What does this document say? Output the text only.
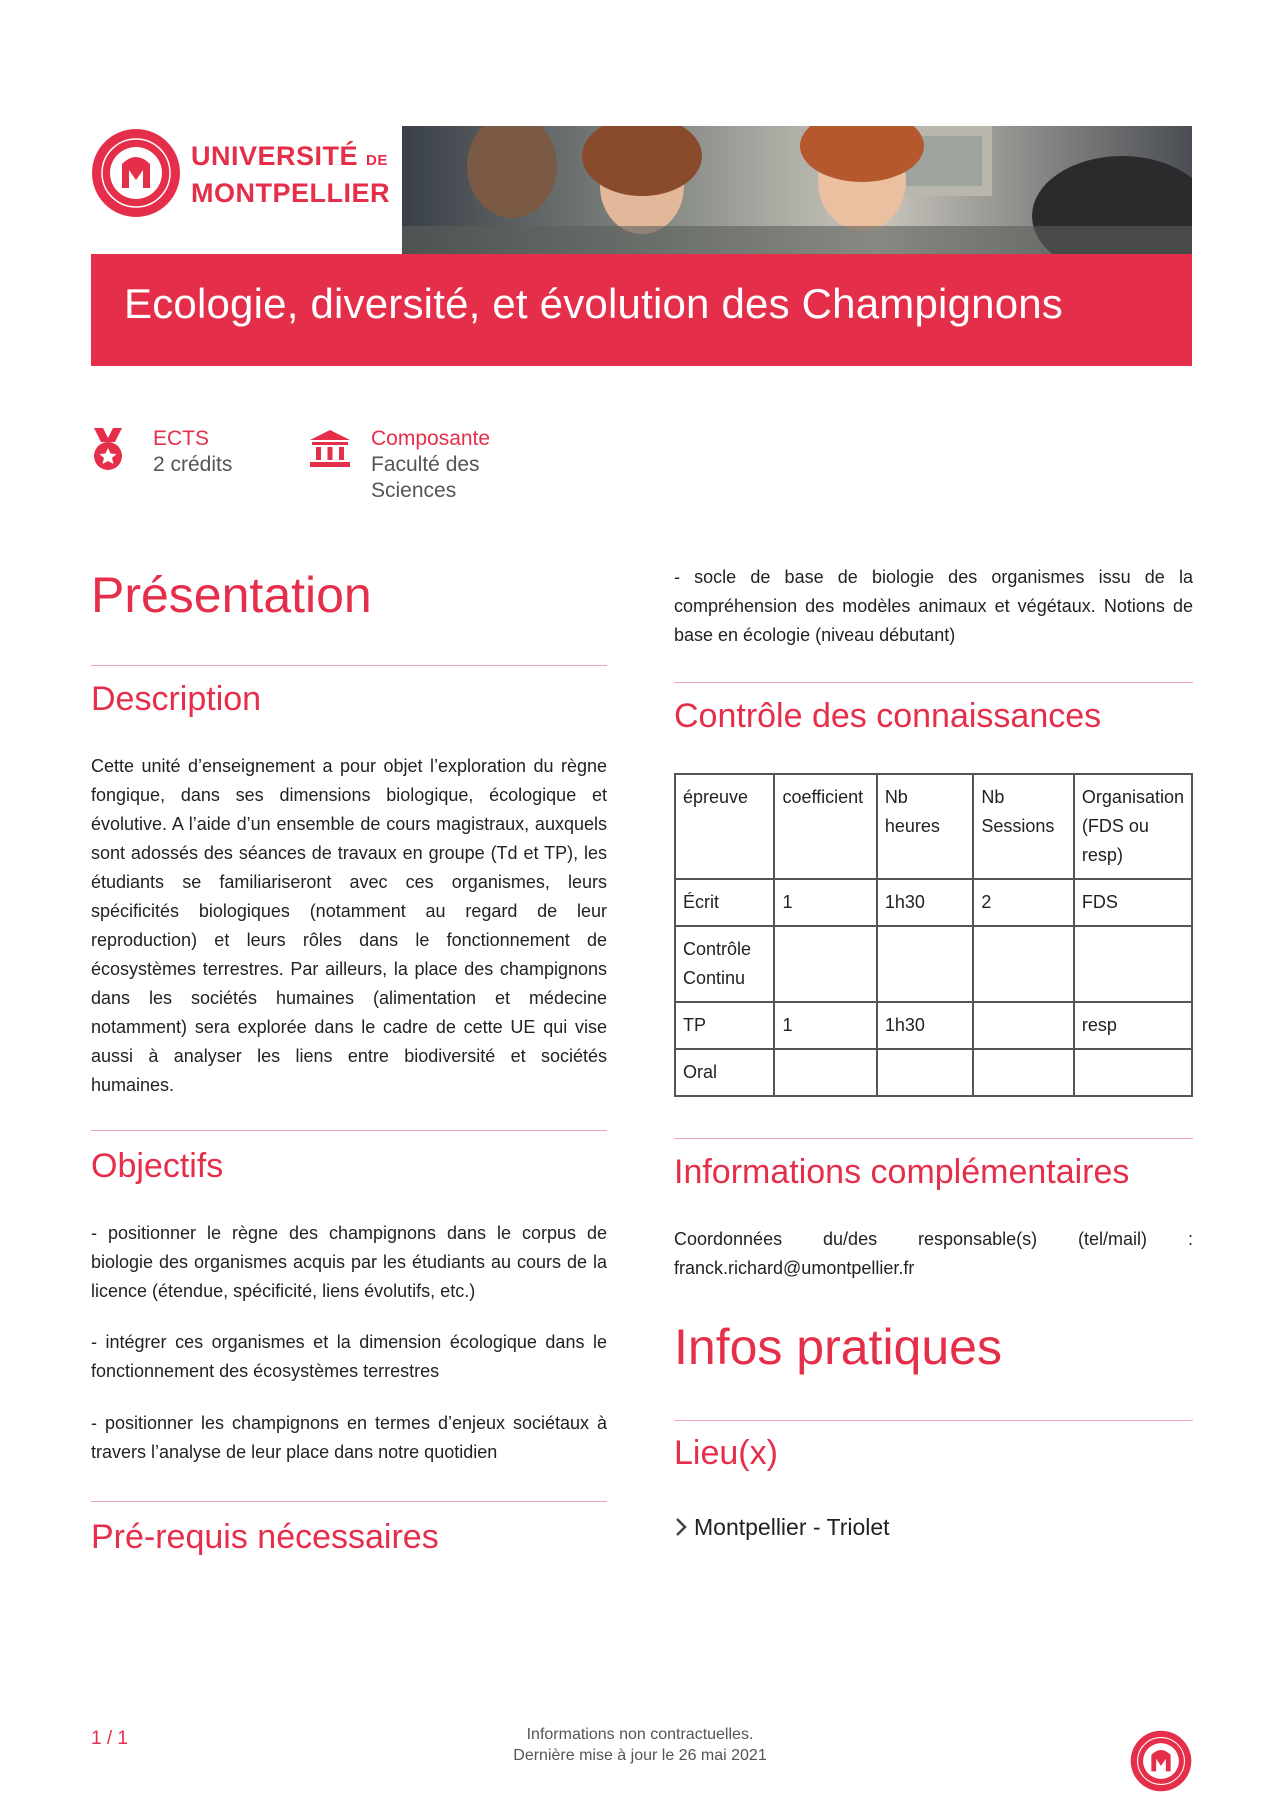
UNIVERSITÉ DE
MONTPELLIER
Ecologie, diversité, et évolution des Champignons
ECTS
2 crédits
Composante
Faculté des
Sciences
Présentation
Description

Cette unité d’enseignement a pour objet l’exploration du règne fongique, dans ses dimensions biologique, écologique et évolutive. A l’aide d’un ensemble de cours magistraux, auxquels sont adossés des séances de travaux en groupe (Td et TP), les étudiants se familiariseront avec ces organismes, leurs spécificités biologiques (notamment au regard de leur reproduction) et leurs rôles dans le fonctionnement de écosystèmes terrestres. Par ailleurs, la place des champignons dans les sociétés humaines (alimentation et médecine notamment) sera explorée dans le cadre de cette UE qui vise aussi à analyser les liens entre biodiversité et sociétés humaines.

Objectifs

- positionner le règne des champignons dans le corpus de biologie des organismes acquis par les étudiants au cours de la licence (étendue, spécificité, liens évolutifs, etc.)

- intégrer ces organismes et la dimension écologique dans le fonctionnement des écosystèmes terrestres

- positionner les champignons en termes d’enjeux sociétaux à travers l’analyse de leur place dans notre quotidien

Pré-requis nécessaires

- socle de base de biologie des organismes issu de la compréhension des modèles animaux et végétaux. Notions de base en écologie (niveau débutant)

Contrôle des connaissances
épreuve	coefficient	Nb heures	Nb Sessions	Organisation (FDS ou resp)
Écrit	1	1h30	2	FDS
Contrôle Continu				
TP	1	1h30		resp
Oral				
Informations complémentaires

Coordonnées du/des responsable(s) (tel/mail) : franck.richard@umontpellier.fr

Infos pratiques
Lieu(x)
Montpellier - Triolet
1 / 1	Informations non contractuelles.
Dernière mise à jour le 26 mai 2021
